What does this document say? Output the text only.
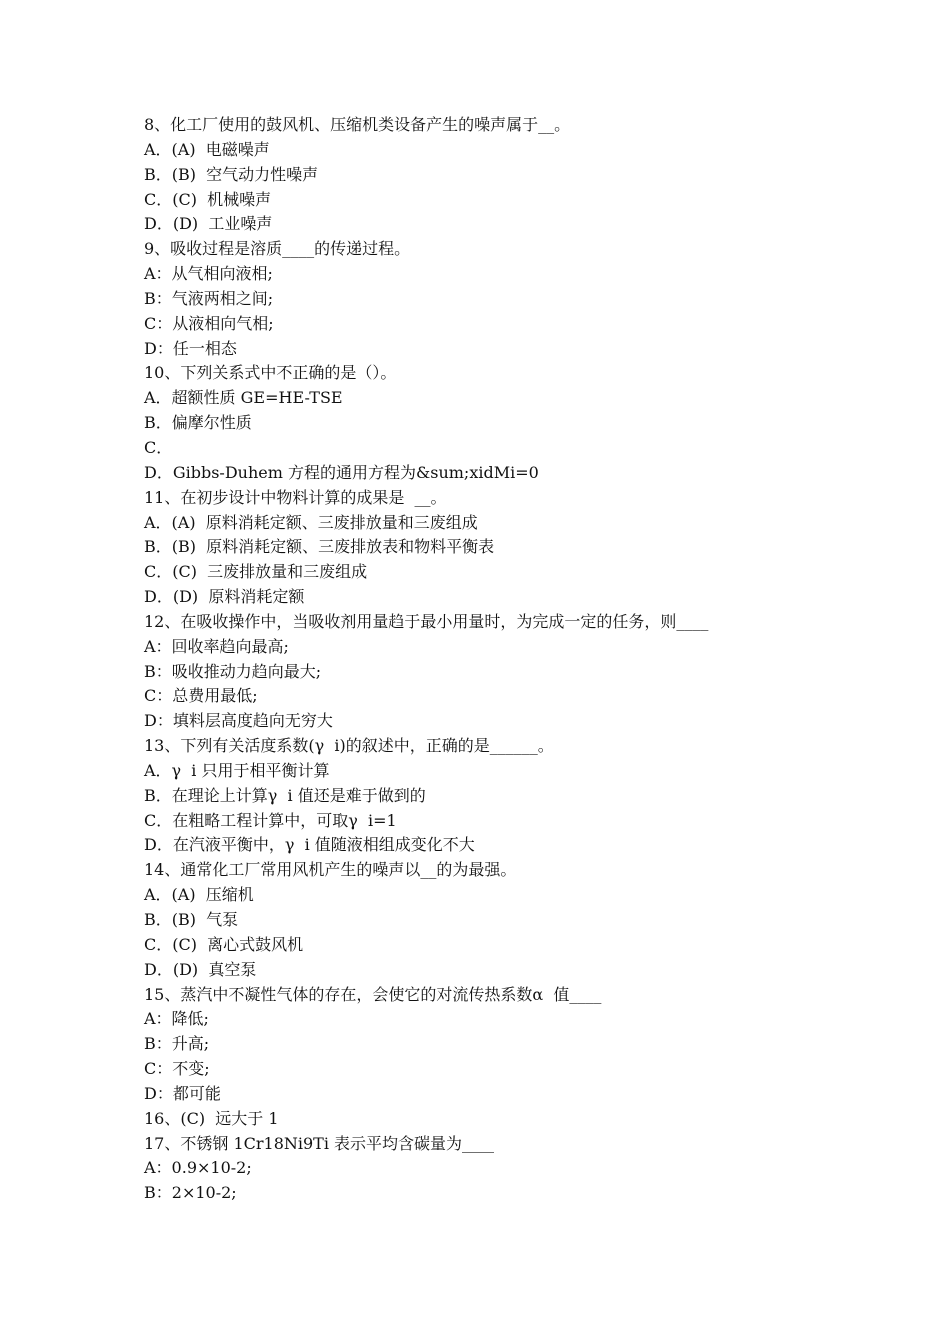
8、化工厂使用的鼓风机、压缩机类设备产生的噪声属于__。
A．(A)  电磁噪声
B．(B)  空气动力性噪声
C．(C)  机械噪声
D．(D)  工业噪声
9、吸收过程是溶质____的传递过程。
A：从气相向液相;
B：气液两相之间;
C：从液相向气相;
D：任一相态
10、下列关系式中不正确的是（）。
A．超额性质 GE=HE-TSE
B．偏摩尔性质
C．
D．Gibbs-Duhem 方程的通用方程为&sum;xidMi=0
11、在初步设计中物料计算的成果是  __。
A．(A)  原料消耗定额、三废排放量和三废组成
B．(B)  原料消耗定额、三废排放表和物料平衡表
C．(C)  三废排放量和三废组成
D．(D)  原料消耗定额
12、在吸收操作中，当吸收剂用量趋于最小用量时，为完成一定的任务，则____
A：回收率趋向最高;
B：吸收推动力趋向最大;
C：总费用最低;
D：填料层高度趋向无穷大
13、下列有关活度系数(γ  i)的叙述中，正确的是______。
A．γ  i 只用于相平衡计算
B．在理论上计算γ  i 值还是难于做到的
C．在粗略工程计算中，可取γ  i=1
D．在汽液平衡中，γ  i 值随液相组成变化不大
14、通常化工厂常用风机产生的噪声以__的为最强。
A．(A)  压缩机
B．(B)  气泵
C．(C)  离心式鼓风机
D．(D)  真空泵
15、蒸汽中不凝性气体的存在，会使它的对流传热系数α  值____
A：降低;
B：升高;
C：不变;
D：都可能
16、(C)  远大于 1
17、不锈钢 1Cr18Ni9Ti 表示平均含碳量为____
A：0.9×10-2;
B：2×10-2;
